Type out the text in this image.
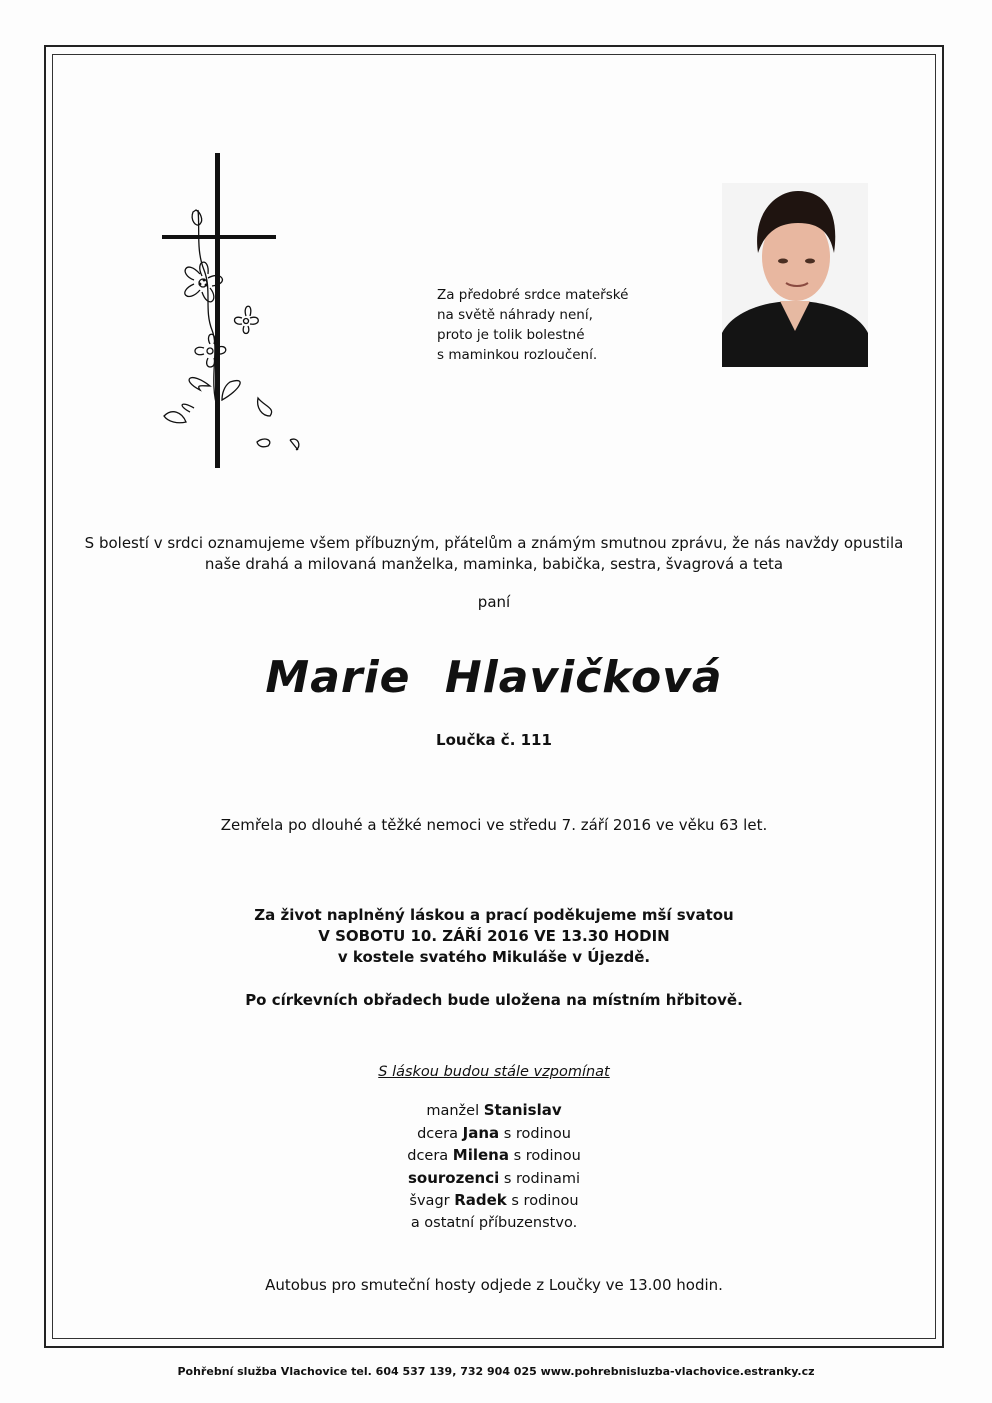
Za předobré srdce mateřské
na světě náhrady není,
proto je tolik bolestné
s maminkou rozloučení.
S bolestí v srdci oznamujeme všem příbuzným, přátelům a známým smutnou zprávu, že nás navždy opustila
naše drahá a milovaná manželka, maminka, babička, sestra, švagrová a teta
paní
Marie Hlavičková
Loučka č. 111
Zemřela po dlouhé a těžké nemoci ve středu 7. září 2016 ve věku 63 let.
Za život naplněný láskou a prací poděkujeme mší svatou
V SOBOTU 10. ZÁŘÍ 2016 VE 13.30 HODIN
v kostele svatého Mikuláše v Újezdě.
Po církevních obřadech bude uložena na místním hřbitově.
S láskou budou stále vzpomínat
manžel Stanislav
dcera Jana s rodinou
dcera Milena s rodinou
sourozenci s rodinami
švagr Radek s rodinou
a ostatní příbuzenstvo.
Autobus pro smuteční hosty odjede z Loučky ve 13.00 hodin.
Pohřební služba Vlachovice tel. 604 537 139, 732 904 025 www.pohrebnisluzba-vlachovice.estranky.cz
